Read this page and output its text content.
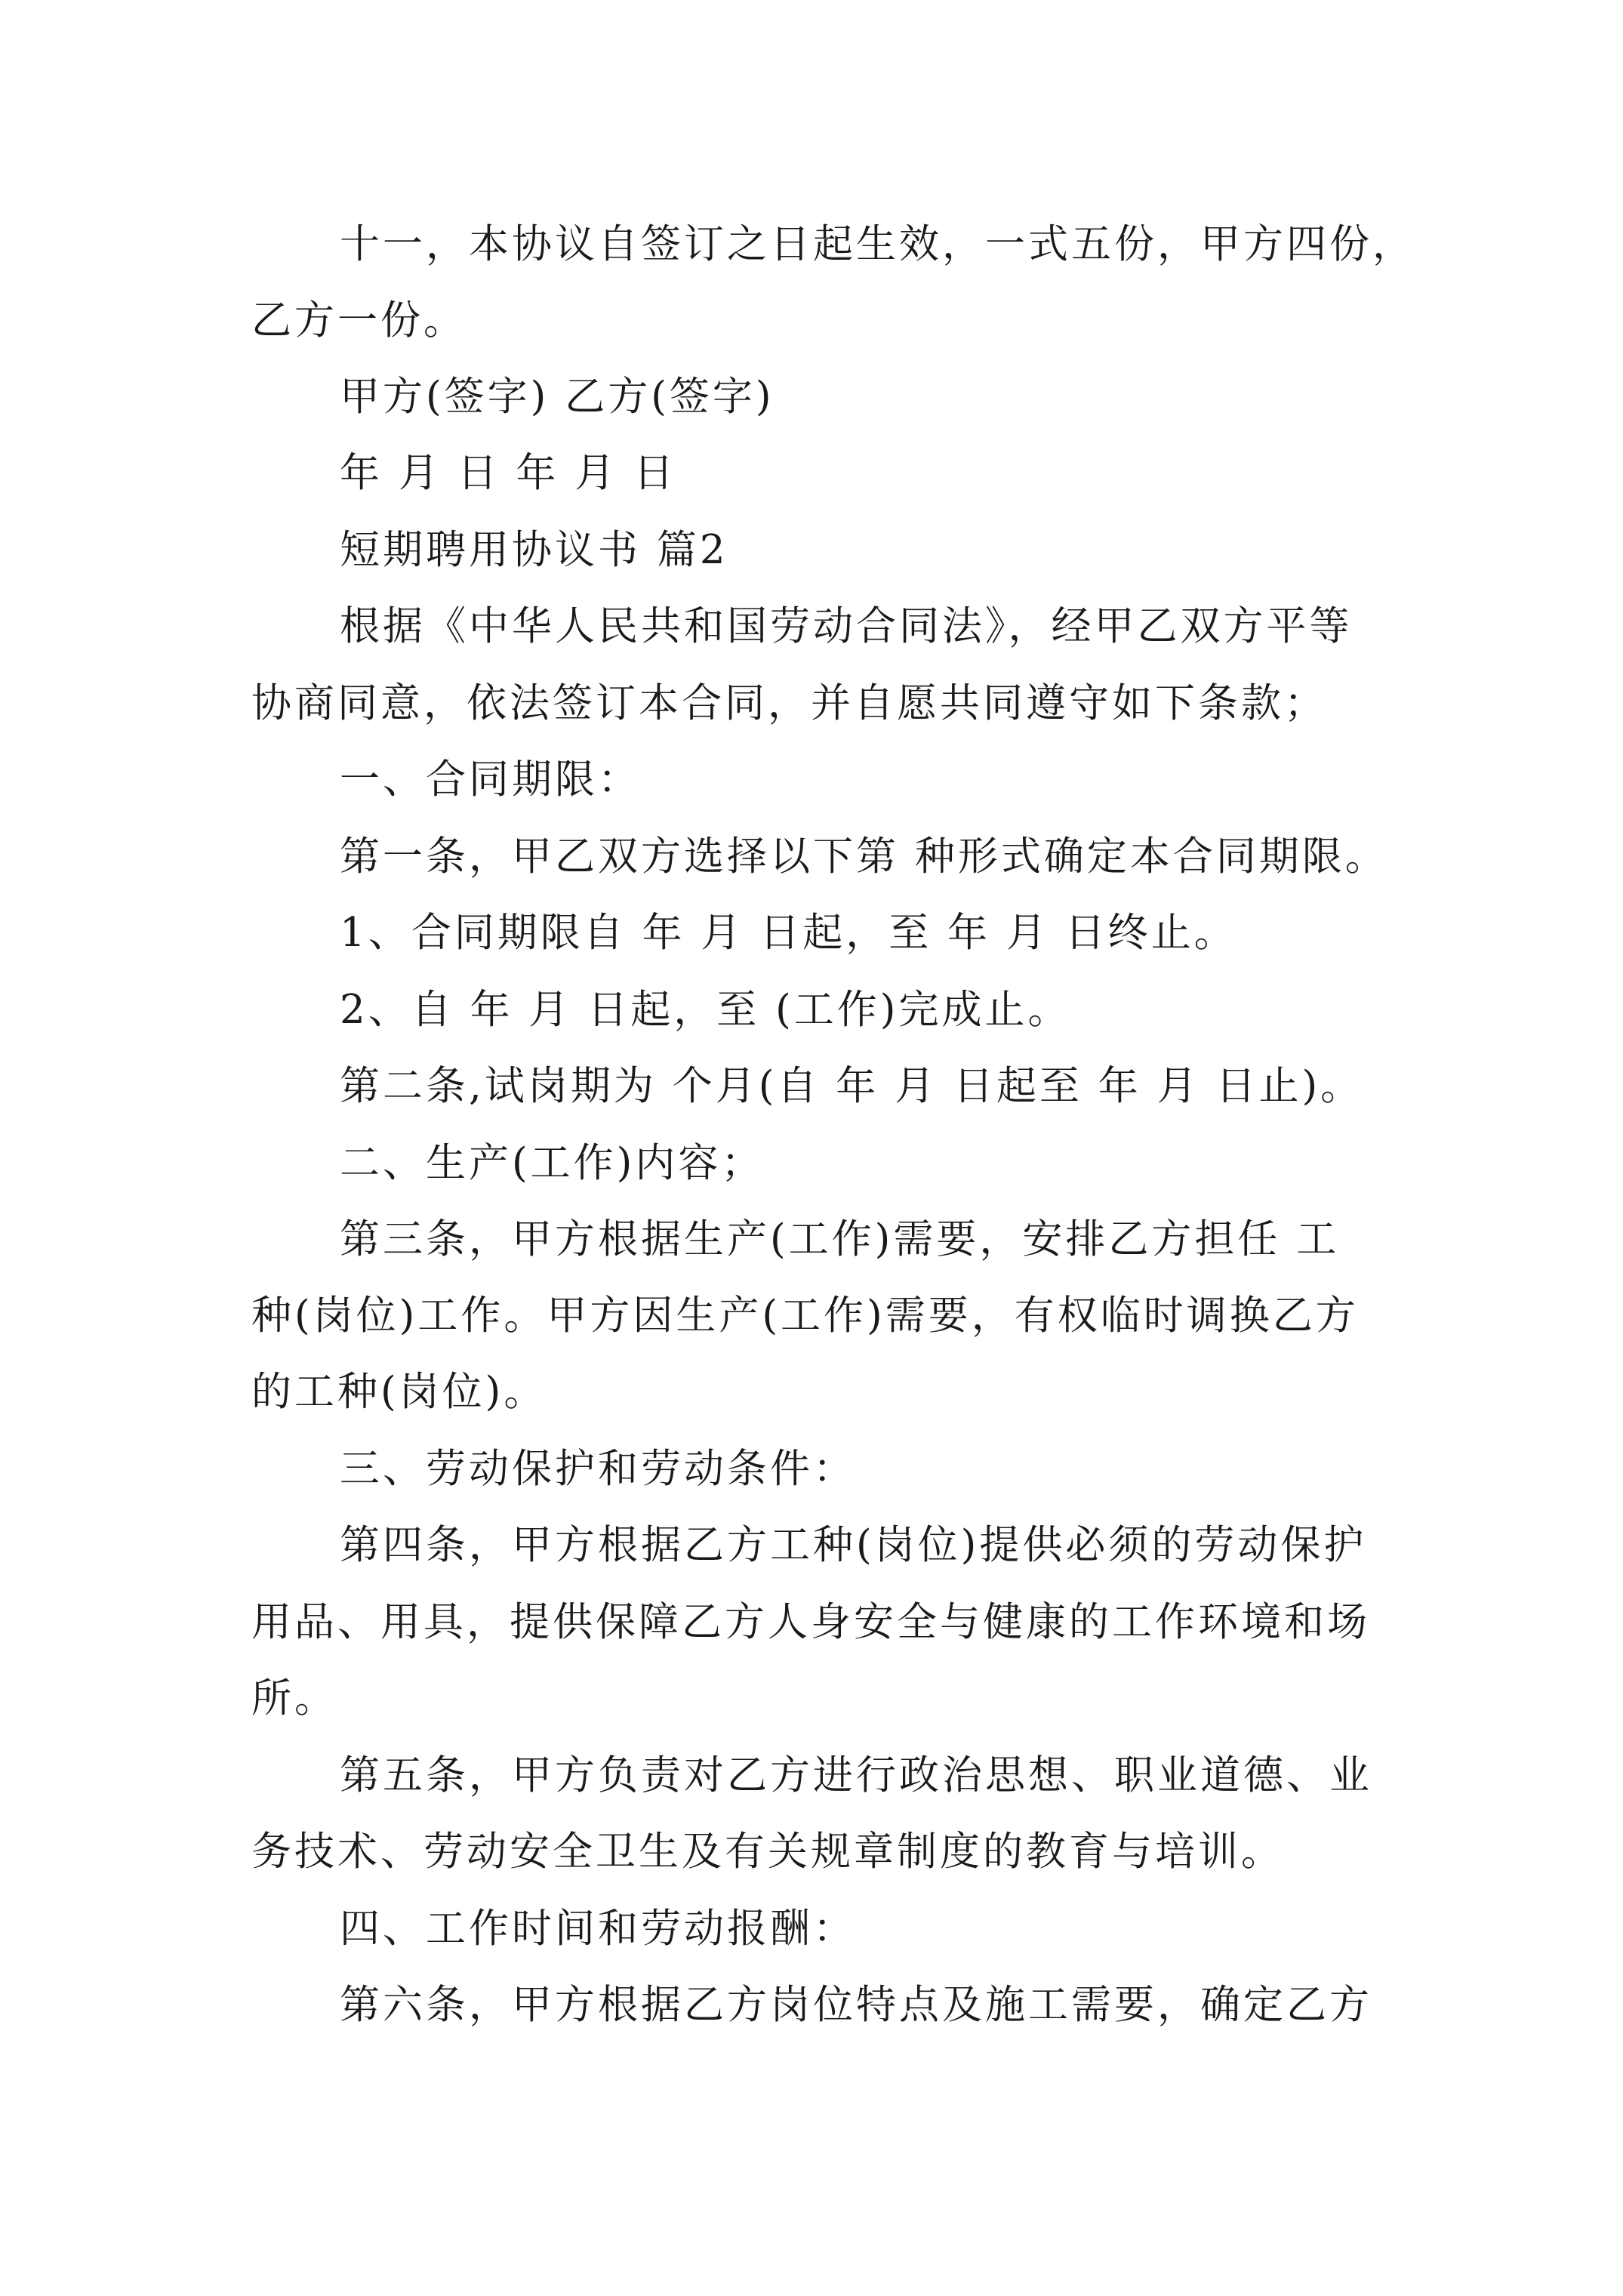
十一，本协议自签订之日起生效，一式五份，甲方四份，
乙方一份。
甲方(签字) 乙方(签字)
年 月 日 年 月 日
短期聘用协议书 篇2
根据《中华人民共和国劳动合同法》，经甲乙双方平等
协商同意，依法签订本合同，并自愿共同遵守如下条款；
一、合同期限：
第一条，甲乙双方选择以下第 种形式确定本合同期限。
1、合同期限自 年 月 日起，至 年 月 日终止。
2、自 年 月 日起，至 (工作)完成止。
第二条,试岗期为 个月(自 年 月 日起至 年 月 日止)。
二、生产(工作)内容；
第三条，甲方根据生产(工作)需要，安排乙方担任 工
种(岗位)工作。甲方因生产(工作)需要，有权临时调换乙方
的工种(岗位)。
三、劳动保护和劳动条件：
第四条，甲方根据乙方工种(岗位)提供必须的劳动保护
用品、用具，提供保障乙方人身安全与健康的工作环境和场
所。
第五条，甲方负责对乙方进行政治思想、职业道德、业
务技术、劳动安全卫生及有关规章制度的教育与培训。
四、工作时间和劳动报酬：
第六条，甲方根据乙方岗位特点及施工需要，确定乙方
